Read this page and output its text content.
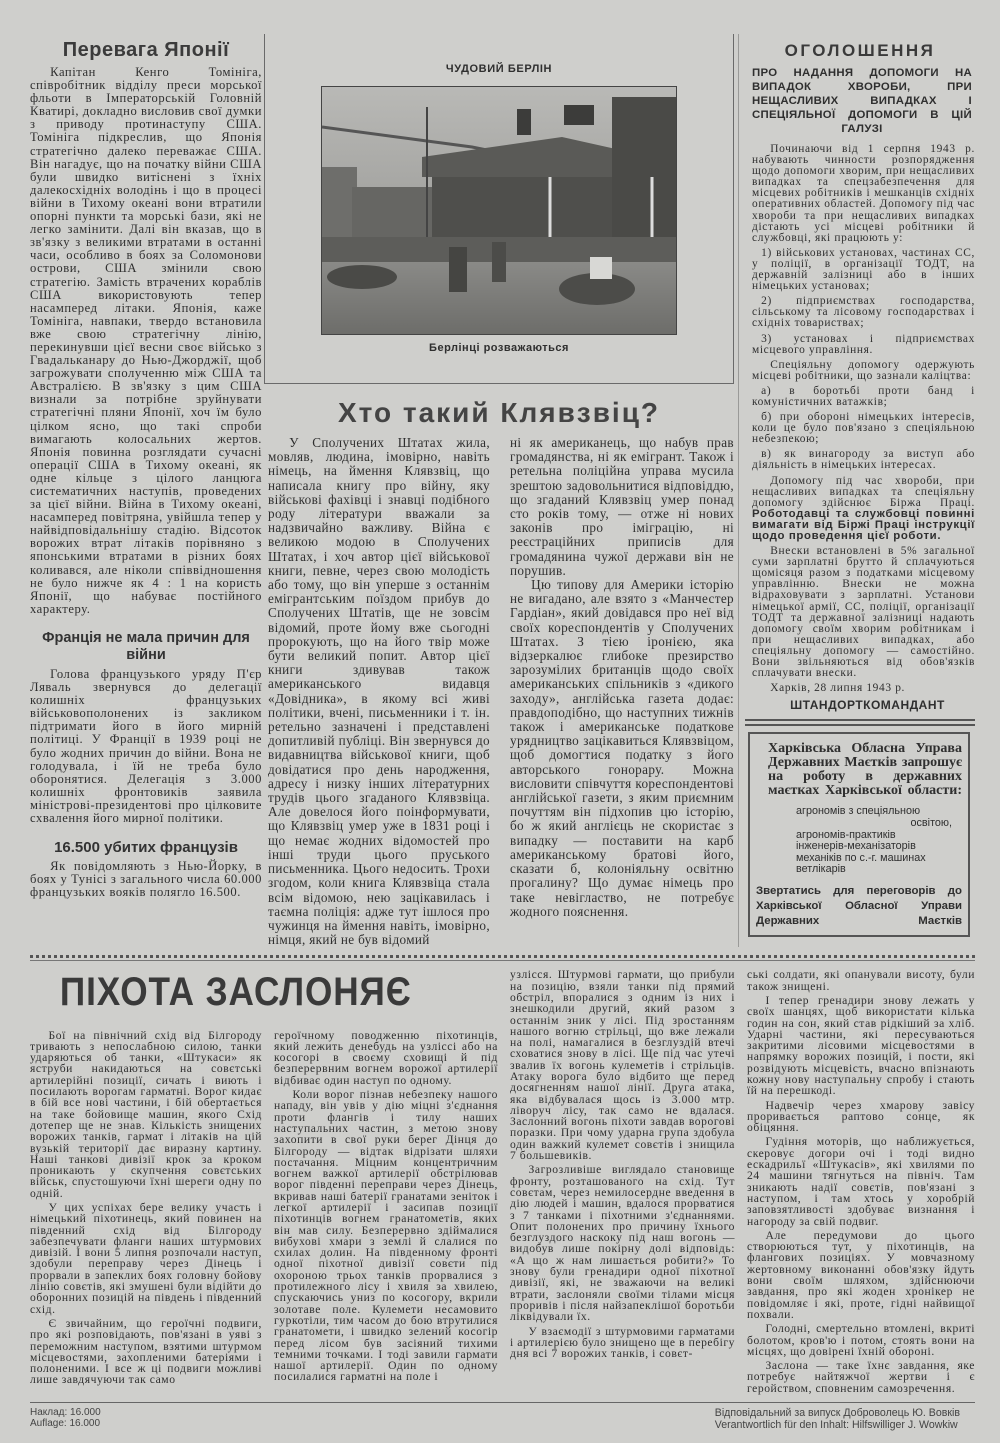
Перевага Японії

Капітан Кенго Томініга, співробітник відділу преси морської фльоти в Імператорській Головній Кватирі, докладно висловив свої думки з приводу протинаступу США. Томініга підкреслив, що Японія стратегічно далеко переважає США. Він нагадує, що на початку війни США були швидко витіснені з їхніх далекосхідніх володінь і що в процесі війни в Тихому океані вони втратили опорні пункти та морські бази, які не легко замінити. Далі він вказав, що в зв'язку з великими втратами в останні часи, особливо в боях за Соломонови острови, США змінили свою стратегію. Замість втрачених кораблів США використовують тепер насамперед літаки. Японія, каже Томініга, навпаки, твердо встановила вже свою стратегічну лінію, перекинувши цієї весни своє військо з Гвадальканару до Нью-Джорджії, щоб загрожувати сполученню між США та Австралією. В зв'язку з цим США визнали за потрібне зруйнувати стратегічні пляни Японії, хоч їм було цілком ясно, що такі спроби вимагають колосальних жертов. Японія повинна розглядати сучасні операції США в Тихому океані, як одне кільце з цілого ланцюга систематичних наступів, проведених за цієї війни. Війна в Тихому океані, насамперед повітряна, увійшла тепер у найвідповідальнішу стадію. Відсоток ворожих втрат літаків порівняно з японськими втратами в різних боях коливався, але ніколи співвідношення не було нижче як 4 : 1 на користь Японії, що набуває постійного характеру.

Франція не мала причин для війни

Голова французького уряду П'єр Ляваль звернувся до делегації колишніх французьких військовополонених із закликом підтримати його в його мирній політиці. У Франції в 1939 році не було жодних причин до війни. Вона не голодувала, і їй не треба було оборонятися. Делегація з 3.000 колишніх фронтовиків заявила міністрові-президентові про цілковите схвалення його мирної політики.

16.500 убитих французів

Як повідомляють з Нью-Йорку, в боях у Тунісі з загального числа 60.000 французьких вояків полягло 16.500.

ЧУДОВИЙ БЕРЛІН
Берлінці розважаються
Хто такий Клявзвіц?

У Сполучених Штатах жила, мовляв, людина, імовірно, навіть німець, на ймення Клявзвіц, що написала книгу про війну, яку військові фахівці і знавці подібного роду літератури вважали за надзвичайно важливу. Війна є великою модою в Сполучених Штатах, і хоч автор цієї військової книги, певне, через свою молодість або тому, що він уперше з останнім емігрантським поїздом прибув до Сполучених Штатів, ще не зовсім відомий, проте йому вже сьогодні пророкують, що на його твір може бути великий попит. Автор цієї книги здивував також американського видавця «Довідника», в якому всі живі політики, вчені, письменники і т. ін. ретельно зазначені і представлені допитливій публіці. Він звернувся до видавництва військової книги, щоб довідатися про день народження, адресу і низку інших літературних трудів цього згаданого Клявзвіца. Але довелося його поінформувати, що Клявзвіц умер уже в 1831 році і що немає жодних відомостей про інші труди цього пруського письменника. Цього недосить. Трохи згодом, коли книга Клявзвіца стала всім відомою, нею зацікавилась і таємна поліція: адже тут ішлося про чужинця на ймення навіть, імовірно, німця, який не був відомий

ні як американець, що набув прав громадянства, ні як емігрант. Також і ретельна поліційна управа мусила зрештою задовольнитися відповіддю, що згаданий Клявзвіц умер понад сто років тому, — отже ні нових законів про іміграцію, ні реєстраційних приписів для громадянина чужої держави він не порушив.

Цю типову для Америки історію не вигадано, але взято з «Манчестер Гардіан», який довідався про неї від своїх кореспондентів у Сполучених Штатах. З тією іронією, яка відзеркалює глибоке презирство зарозумілих британців щодо своїх американських спільників з «дикого заходу», англійська газета додає: правдоподібно, що наступних тижнів також і американське податкове урядництво зацікавиться Клявзвіцом, щоб домогтися податку з його авторського гонорару. Можна висловити співчуття кореспондентові англійської газети, з яким приємним почуттям він підхопив цю історію, бо ж який англієць не скористає з випадку — поставити на карб американському братові його, сказати б, колоніяльну освітню прогалину? Що думає німець про таке невігластво, не потребує жодного пояснення.

ОГОЛОШЕННЯ
ПРО НАДАННЯ ДОПОМОГИ НА ВИПАДОК ХВОРОБИ, ПРИ НЕЩАСЛИВИХ ВИПАДКАХ І СПЕЦІЯЛЬНОЇ ДОПОМОГИ В ЦІЙ ГАЛУЗІ

Починаючи від 1 серпня 1943 р. набувають чинности розпорядження щодо допомоги хворим, при нещасливих випадках та спецзабезпечення для місцевих робітників і мешканців східніх оперативних областей. Допомогу під час хвороби та при нещасливих випадках дістають усі місцеві робітники й службовці, які працюють у:

1) військових установах, частинах СС, у поліції, в організації ТОДТ, на державній залізниці або в інших німецьких установах;

2) підприємствах господарства, сільському та лісовому господарствах і східніх товариствах;

3) установах і підприємствах місцевого управління.

Спеціяльну допомогу одержують місцеві робітники, що зазнали каліцтва:

а) в боротьбі проти банд і комуністичних ватажків;

б) при обороні німецьких інтересів, коли це було пов'язано з спеціяльною небезпекою;

в) як винагороду за виступ або діяльність в німецьких інтересах.

Допомогу під час хвороби, при нещасливих випадках та спеціяльну допомогу здійснює Біржа Праці. Роботодавці та службовці повинні вимагати від Біржі Праці інструкції щодо проведення цієї роботи.

Внески встановлені в 5% загальної суми зарплатні брутто й сплачуються щомісяця разом з податками місцевому управлінню. Внески не можна відраховувати з зарплатні. Установи німецької армії, СС, поліції, організації ТОДТ та державної залізниці надають допомогу своїм хворим робітникам і при нещасливих випадках, або спеціяльну допомогу — самостійно. Вони звільняються від обов'язків сплачувати внески.

Харків, 28 липня 1943 р.

ШТАНДОРТКОМАНДАНТ
Харківська Обласна Управа Державних Маєтків запрошує на роботу в державних маєтках Харківської области:
агрономів з спеціяльною
освітою,
агрономів-практиків
інженерів-механізаторів
механіків по с.-г. машинах
ветлікарів
Звертатись для переговорів до Харківської Обласної Управи Державних Маєтків
ПІХОТА ЗАСЛОНЯЄ

Бої на північний схід від Білгороду тривають з непослабною силою, танки ударяються об танки, «Штукаси» як яструби накидаються на совєтські артилерійні позиції, сичать і виють і посилають ворогам гарматні. Ворог кидає в бій все нові частини, і бій обертається на таке бойовище машин, якого Схід дотепер ще не знав. Кількість знищених ворожих танків, гармат і літаків на цій вузькій території дає виразну картину. Наші танкові дивізії крок за кроком проникають у скупчення совєтських військ, спустошуючи їхні шереги одну по одній.

У цих успіхах бере велику участь і німецький піхотинець, який повинен на південний схід від Білгороду забезпечувати фланги наших штурмових дивізій. І вони 5 липня розпочали наступ, здобули переправу через Дінець і прорвали в запеклих боях головну бойову лінію совєтів, які змушені були відійти до оборонних позицій на південь і південний схід.

Є звичайним, що героїчні подвиги, про які розповідають, пов'язані в уяві з переможним наступом, взятими штурмом місцевостями, захопленими батеріями і полоненими. І все ж ці подвиги можливі лише завдячуючи так само

героїчному поводженню піхотинців, який лежить денебудь на узліссі або на косогорі в своєму сховищі й під безперервним вогнем ворожої артилерії відбиває один наступ по одному.

Коли ворог пізнав небезпеку нашого нападу, він увів у дію міцні з'єднання проти флангів і тилу наших наступальних частин, з метою знову захопити в свої руки берег Дінця до Білгороду — відтак відрізати шляхи постачання. Міцним концентричним вогнем важкої артилерії обстрілював ворог південні переправи через Дінець, вкривав наші батерії гранатами зеніток і легкої артилерії і засипав позиції піхотинців вогнем гранатометів, яких він мав силу. Безперервно здіймалися вибухові хмари з землі й слалися по схилах долин. На південному фронті одної піхотної дивізії совєти під охороною трьох танків прорвалися з протилежного лісу і хвиля за хвилею, спускаючись униз по косогору, вкрили золотаве поле. Кулемети несамовито гуркотіли, тим часом до бою втрутилися гранатомети, і швидко зелений косогір перед лісом був засіяний тихими темними точками. І тоді завили гармати нашої артилерії. Один по одному посилалися гарматні на поле і

узлісся. Штурмові гармати, що прибули на позицію, взяли танки під прямий обстріл, впоралися з одним із них і знешкодили другий, який разом з останнім зник у лісі. Під зростанням нашого вогню стрільці, що вже лежали на полі, намагалися в безглуздій втечі сховатися знову в лісі. Ще під час утечі звалив їх вогонь кулеметів і стрільців. Атаку ворога було відбито ще перед досягненням нашої лінії. Друга атака, яка відбувалася щось із 3.000 мтр. ліворуч лісу, так само не вдалася. Заслонний вогонь піхоти завдав ворогові поразки. При чому ударна група здобула один важкий кулемет совєтів і знищила 7 большевиків.

Загрозливіше виглядало становище фронту, розташованого на схід. Тут совєтам, через немилосердне введення в дію людей і машин, вдалося прорватися з 7 танками і піхотними з'єднаннями. Опит полонених про причину їхнього безглуздого наскоку під наш вогонь — видобув лише покірну долі відповідь: «А що ж нам лишається робити?» То знову були гренадири одної піхотної дивізії, які, не зважаючи на великі втрати, заслоняли своїми тілами місця проривів і після найзапеклішої боротьби ліквідували їх.

У взаємодії з штурмовими гарматами і артилерією було знищено ще в перебігу дня всі 7 ворожих танків, і совєт-

ські солдати, які опанували висоту, були також знищені.

І тепер гренадири знову лежать у своїх шанцях, щоб використати кілька годин на сон, який став рідкіший за хліб. Ударні частини, які пересуваються закритими лісовими місцевостями в напрямку ворожих позицій, і пости, які розвідують місцевість, вчасно впізнають кожну нову наступальну спробу і стають їй на перешкоді.

Надвечір через хмарову завісу проривається раптово сонце, як обіцяння.

Гудіння моторів, що наближується, скеровує догори очі і тоді видно ескадрильї «Штукасів», які хвилями по 24 машини тягнуться на північ. Там зникають надії совєтів, пов'язані з наступом, і там хтось у хоробрій заповзятливості здобуває визнання і нагороду за свій подвиг.

Але передумови до цього створюються тут, у піхотинців, на флангових позиціях. У мовчазному жертовному виконанні обов'язку йдуть вони своїм шляхом, здійснюючи завдання, про які жоден хронікер не повідомляє і які, проте, гідні найвищої похвали.

Голодні, смертельно втомлені, вкриті болотом, кров'ю і потом, стоять вони на місцях, що довірені їхній обороні.

Заслона — таке їхнє завдання, яке потребує найтяжчої жертви і є геройством, сповненим самозречення.

Наклад: 16.000
Auflage: 16.000
Відповідальний за випуск Доброволець Ю. Вовків
Verantwortlich für den Inhalt: Hilfswilliger J. Wowkiw
